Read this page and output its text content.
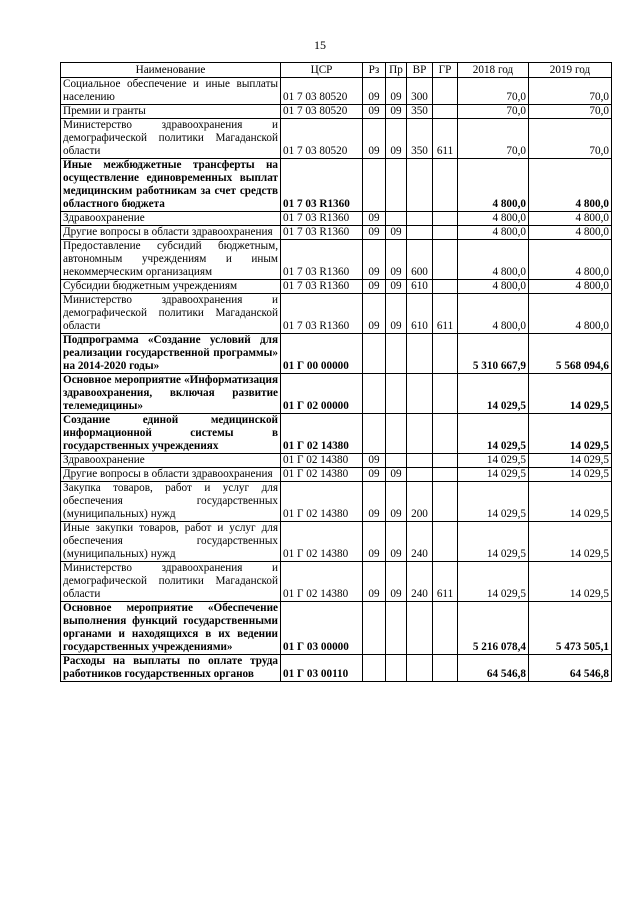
15
Наименование	ЦСР	Рз	Пр	ВР	ГР	2018 год	2019 год
Социальное обеспечение и иные выплаты населению	01 7 03 80520	09	09	300		70,0	70,0
Премии и гранты	01 7 03 80520	09	09	350		70,0	70,0
Министерство здравоохранения и демографической политики Магаданской области	01 7 03 80520	09	09	350	611	70,0	70,0
Иные межбюджетные трансферты на осуществление единовременных выплат медицинским работникам за счет средств областного бюджета	01 7 03 R1360					4 800,0	4 800,0
Здравоохранение	01 7 03 R1360	09				4 800,0	4 800,0
Другие вопросы в области здравоохранения	01 7 03 R1360	09	09			4 800,0	4 800,0
Предоставление субсидий бюджетным, автономным учреждениям и иным некоммерческим организациям	01 7 03 R1360	09	09	600		4 800,0	4 800,0
Субсидии бюджетным учреждениям	01 7 03 R1360	09	09	610		4 800,0	4 800,0
Министерство здравоохранения и демографической политики Магаданской области	01 7 03 R1360	09	09	610	611	4 800,0	4 800,0
Подпрограмма «Создание условий для реализации государственной программы» на 2014-2020 годы»	01 Г 00 00000					5 310 667,9	5 568 094,6
Основное мероприятие «Информатизация здравоохранения, включая развитие телемедицины»	01 Г 02 00000					14 029,5	14 029,5
Создание единой медицинской информационной системы в государственных учреждениях	01 Г 02 14380					14 029,5	14 029,5
Здравоохранение	01 Г 02 14380	09				14 029,5	14 029,5
Другие вопросы в области здравоохранения	01 Г 02 14380	09	09			14 029,5	14 029,5
Закупка товаров, работ и услуг для обеспечения государственных (муниципальных) нужд	01 Г 02 14380	09	09	200		14 029,5	14 029,5
Иные закупки товаров, работ и услуг для обеспечения государственных (муниципальных) нужд	01 Г 02 14380	09	09	240		14 029,5	14 029,5
Министерство здравоохранения и демографической политики Магаданской области	01 Г 02 14380	09	09	240	611	14 029,5	14 029,5
Основное мероприятие «Обеспечение выполнения функций государственными органами и находящихся в их ведении государственных учреждениями»	01 Г 03 00000					5 216 078,4	5 473 505,1
Расходы на выплаты по оплате труда работников государственных органов	01 Г 03 00110					64 546,8	64 546,8
